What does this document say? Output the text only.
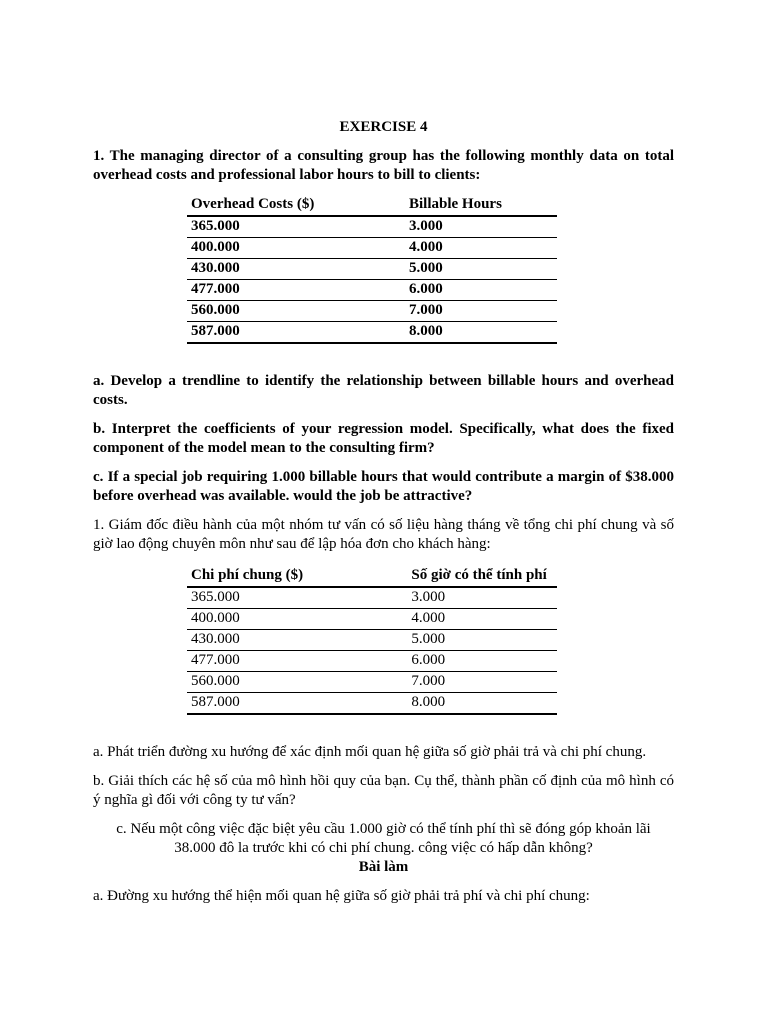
EXERCISE 4

1. The managing director of a consulting group has the following monthly data on total overhead costs and professional labor hours to bill to clients:

Overhead Costs ($)	Billable Hours
365.000	3.000
400.000	4.000
430.000	5.000
477.000	6.000
560.000	7.000
587.000	8.000

a. Develop a trendline to identify the relationship between billable hours and overhead costs.

b. Interpret the coefficients of your regression model. Specifically, what does the fixed component of the model mean to the consulting firm?

c. If a special job requiring 1.000 billable hours that would contribute a margin of $38.000 before overhead was available. would the job be attractive?

1. Giám đốc điều hành của một nhóm tư vấn có số liệu hàng tháng về tổng chi phí chung và số giờ lao động chuyên môn như sau để lập hóa đơn cho khách hàng:

Chi phí chung ($)	Số giờ có thể tính phí
365.000	3.000
400.000	4.000
430.000	5.000
477.000	6.000
560.000	7.000
587.000	8.000

a. Phát triển đường xu hướng để xác định mối quan hệ giữa số giờ phải trả và chi phí chung.

b. Giải thích các hệ số của mô hình hồi quy của bạn. Cụ thể, thành phần cố định của mô hình có ý nghĩa gì đối với công ty tư vấn?

c. Nếu một công việc đặc biệt yêu cầu 1.000 giờ có thể tính phí thì sẽ đóng góp khoản lãi 38.000 đô la trước khi có chi phí chung. công việc có hấp dẫn không?

Bài làm

a. Đường xu hướng thể hiện mối quan hệ giữa số giờ phải trả phí và chi phí chung:
